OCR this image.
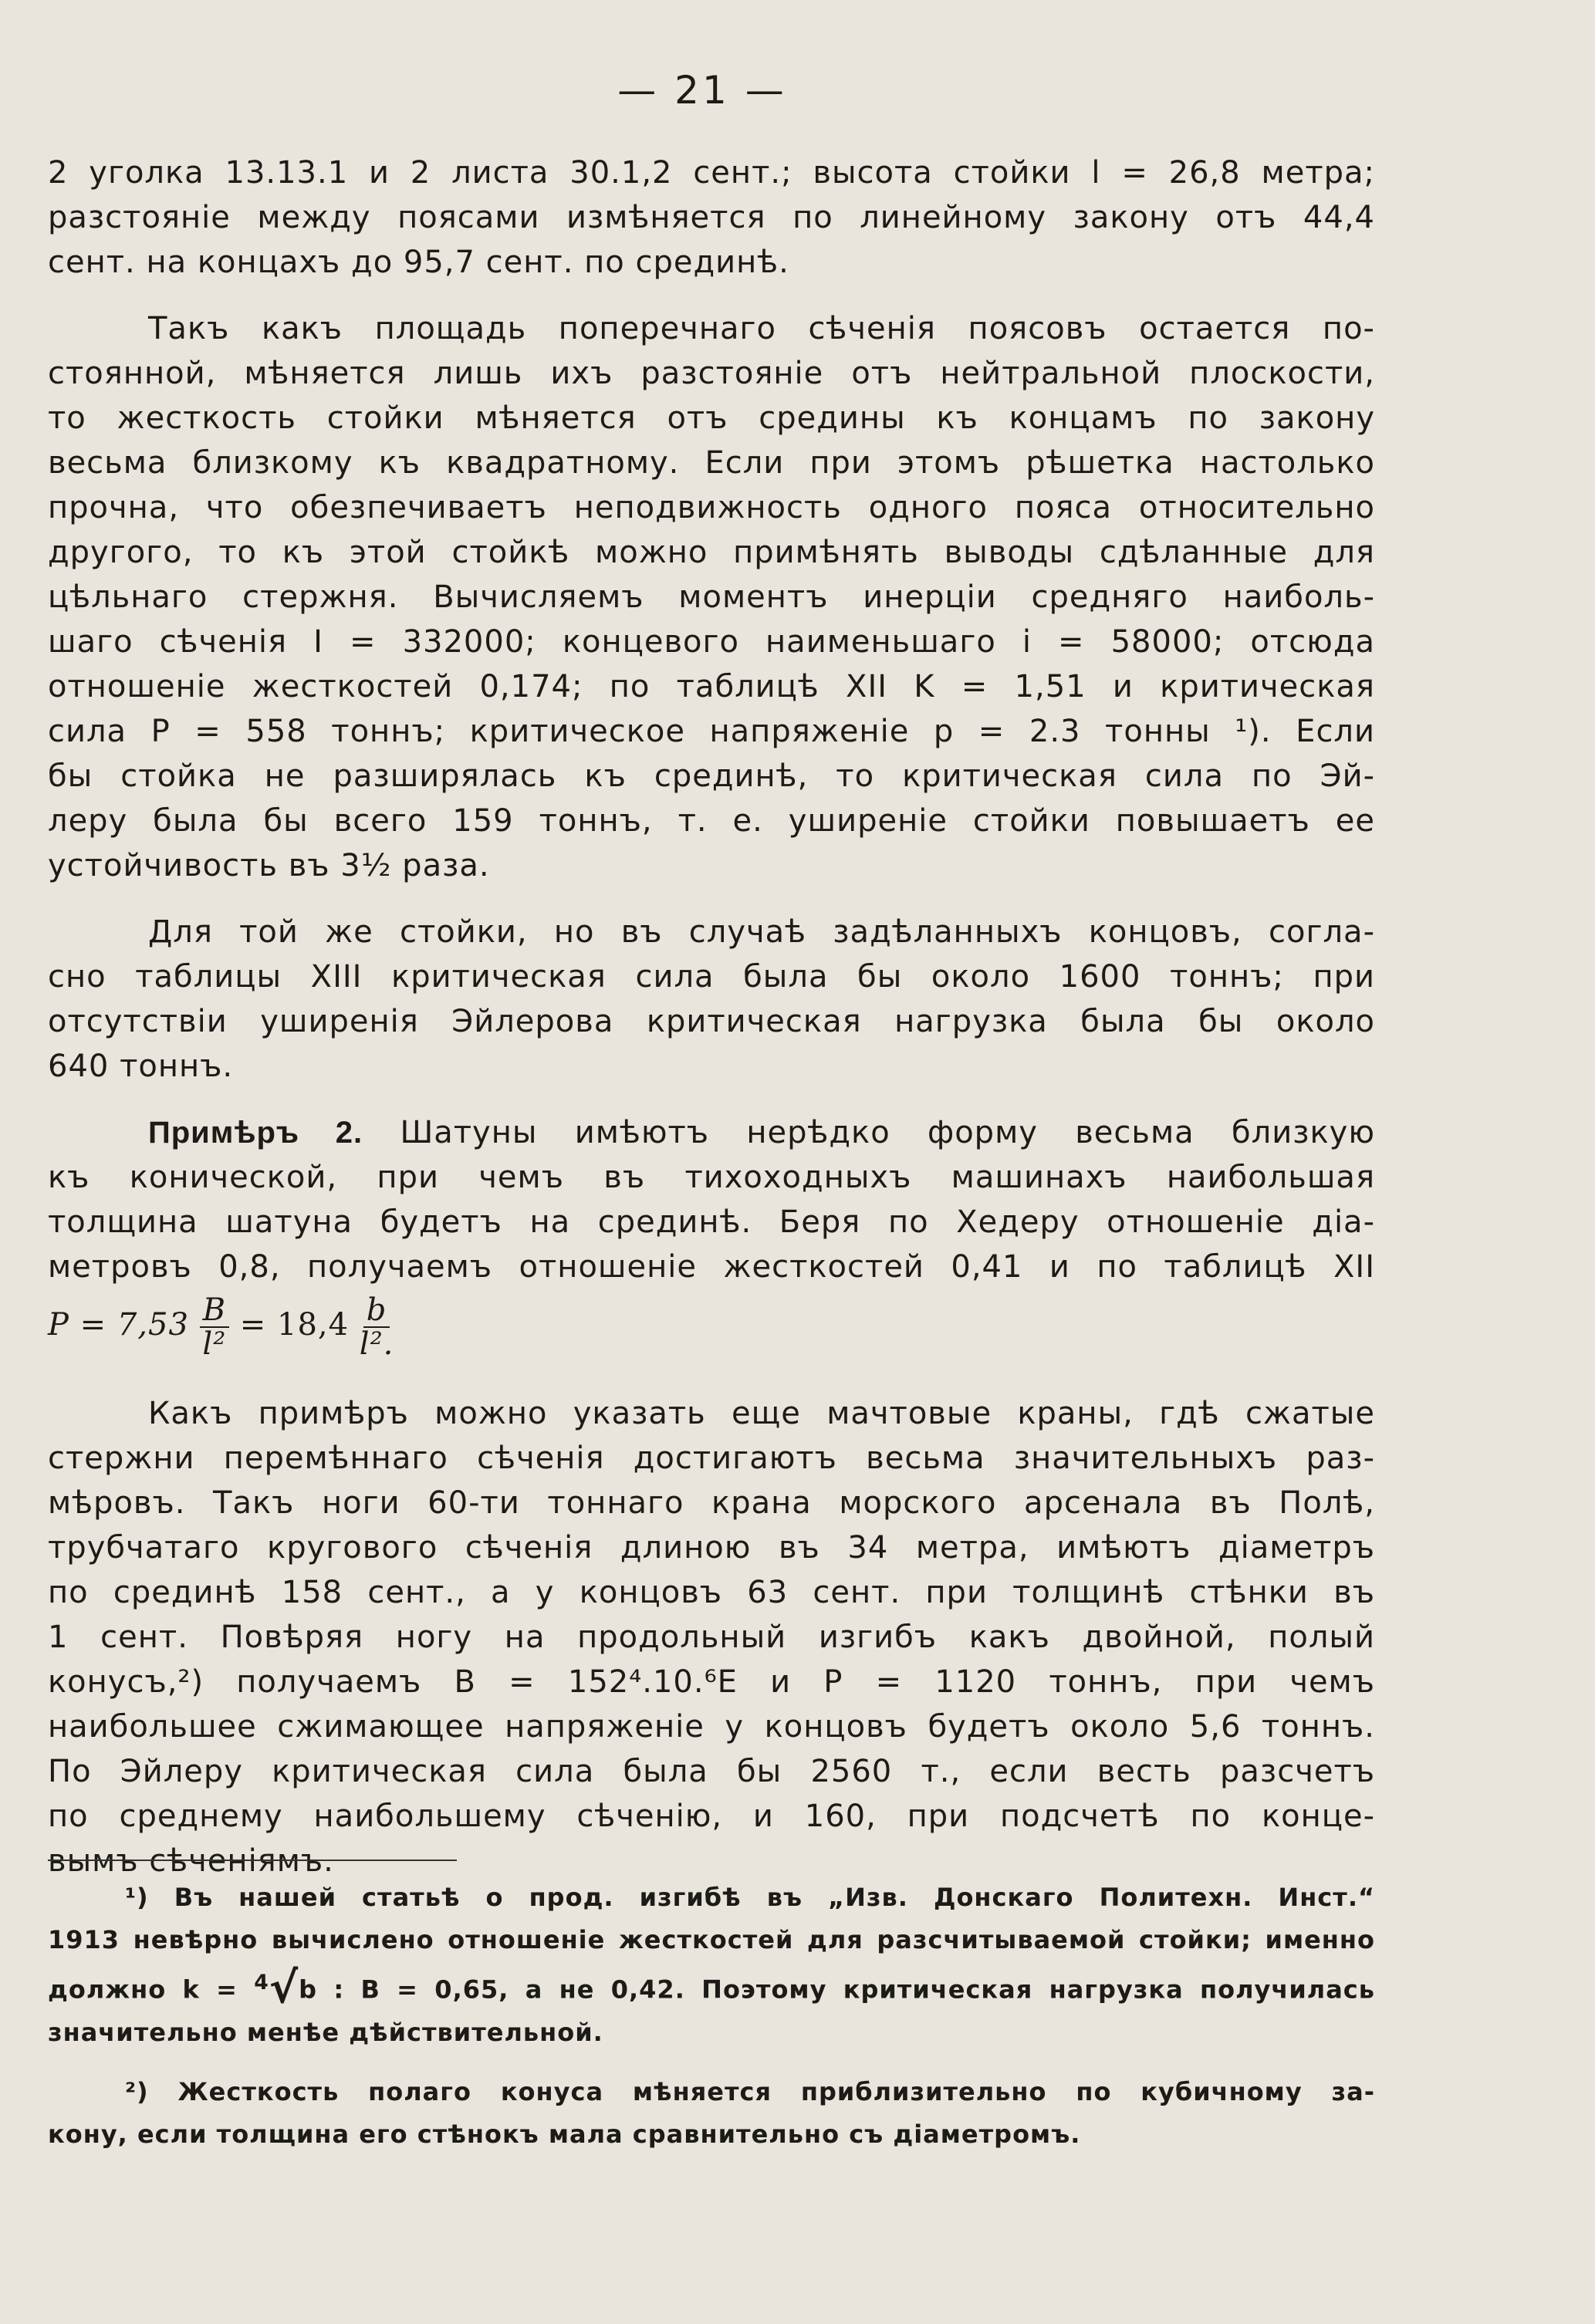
— 21 —
2 уголка 13.13.1 и 2 листа 30.1,2 сент.; высота стойки l = 26,8 метра;
разстоянiе между поясами измѣняется по линейному закону отъ 44,4
сент. на концахъ до 95,7 сент. по срединѣ.
Такъ какъ площадь поперечнаго сѣченiя поясовъ остается по-
стоянной, мѣняется лишь ихъ разстоянiе отъ нейтральной плоскости,
то жесткость стойки мѣняется отъ средины къ концамъ по закону
весьма близкому къ квадратному. Если при этомъ рѣшетка настолько
прочна, что обезпечиваетъ неподвижность одного пояса относительно
другого, то къ этой стойкѣ можно примѣнять выводы сдѣланные для
цѣльнаго стержня. Вычисляемъ моментъ инерцiи средняго наиболь-
шаго сѣченiя I = 332000; концевого наименьшаго i = 58000; отсюда
отношенiе жесткостей 0,174; по таблицѣ XII K = 1,51 и критическая
сила P = 558 тоннъ; критическое напряженiе p = 2.3 тонны ¹). Если
бы стойка не разширялась къ срединѣ, то критическая сила по Эй-
леру была бы всего 159 тоннъ, т. е. уширенiе стойки повышаетъ ее
устойчивость въ 3½ раза.
Для той же стойки, но въ случаѣ задѣланныхъ концовъ, согла-
сно таблицы XIII критическая сила была бы около 1600 тоннъ; при
отсутствiи уширенiя Эйлерова критическая нагрузка была бы около
640 тоннъ.
Примѣръ 2. Шатуны имѣютъ нерѣдко форму весьма близкую
къ конической, при чемъ въ тихоходныхъ машинахъ наибольшая
толщина шатуна будетъ на срединѣ. Беря по Хедеру отношенiе дiа-
метровъ 0,8, получаемъ отношенiе жесткостей 0,41 и по таблицѣ XII
$P = 7,53 \frac{B}{\text{l²}} = 18,4 \frac{b}{\text{l².}}$
Какъ примѣръ можно указать еще мачтовые краны, гдѣ сжатые
стержни перемѣннаго сѣченiя достигаютъ весьма значительныхъ раз-
мѣровъ. Такъ ноги 60-ти тоннаго крана морского арсенала въ Полѣ,
трубчатаго кругового сѣченiя длиною въ 34 метра, имѣютъ дiаметръ
по срединѣ 158 сент., а у концовъ 63 сент. при толщинѣ стѣнки въ
1 сент. Повѣряя ногу на продольный изгибъ какъ двойной, полый
конусъ,²) получаемъ B = 152⁴.10.⁶E и P = 1120 тоннъ, при чемъ
наибольшее сжимающее напряженiе у концовъ будетъ около 5,6 тоннъ.
По Эйлеру критическая сила была бы 2560 т., если весть разсчетъ
по среднему наибольшему сѣченiю, и 160, при подсчетѣ по конце-
вымъ сѣченiямъ.
¹) Въ нашей статьѣ о прод. изгибѣ въ „Изв. Донскаго Политехн. Инст.“
1913 невѣрно вычислено отношенiе жесткостей для разсчитываемой стойки; именно
должно k = $^4$√b : B = 0,65, а не 0,42. Поэтому критическая нагрузка получилась
значительно менѣе дѣйствительной.
²) Жесткость полаго конуса мѣняется приблизительно по кубичному за-
кону, если толщина его стѣнокъ мала сравнительно съ дiаметромъ.
